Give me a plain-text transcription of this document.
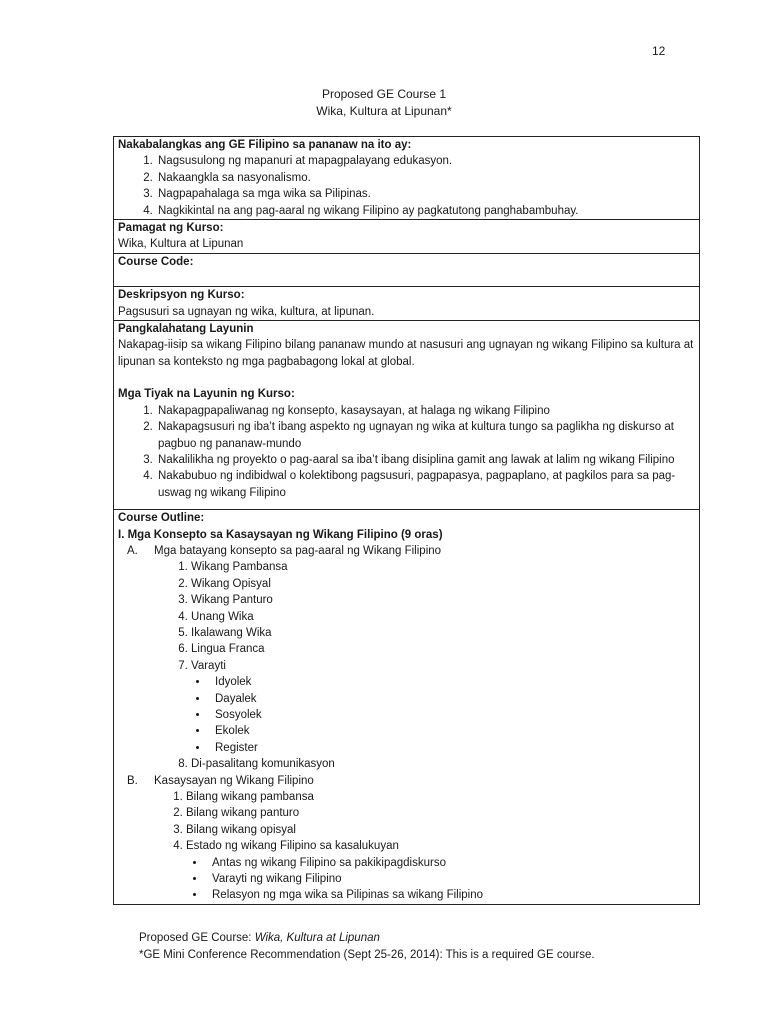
12
Proposed GE Course 1
Wika, Kultura at Lipunan*
Nakabalangkas ang GE Filipino sa pananaw na ito ay:
1. Nagsusulong ng mapanuri at mapagpalayang edukasyon.
2. Nakaangkla sa nasyonalismo.
3. Nagpapahalaga sa mga wika sa Pilipinas.
4. Nagkikintal na ang pag-aaral ng wikang Filipino ay pagkatutong panghabambuhay.

Pamagat ng Kurso:
Wika, Kultura at Lipunan

Course Code:

Deskripsyon ng Kurso:
Pagsusuri sa ugnayan ng wika, kultura, at lipunan.

Pangkalahatang Layunin
Nakapag-iisip sa wikang Filipino bilang pananaw mundo at nasusuri ang ugnayan ng wikang Filipino sa kultura at lipunan sa konteksto ng mga pagbabagong lokal at global.
Mga Tiyak na Layunin ng Kurso:
1. Nakapagpapaliwanag ng konsepto, kasaysayan, at halaga ng wikang Filipino
2. Nakapagsusuri ng iba’t ibang aspekto ng ugnayan ng wika at kultura tungo sa paglikha ng diskurso at pagbuo ng pananaw-mundo
3. Nakalilikha ng proyekto o pag-aaral sa iba’t ibang disiplina gamit ang lawak at lalim ng wikang Filipino
4. Nakabubuo ng indibidwal o kolektibong pagsusuri, pagpapasya, pagpaplano, at pagkilos para sa pag-uswag ng wikang Filipino

Course Outline:
I. Mga Konsepto sa Kasaysayan ng Wikang Filipino (9 oras)
A. Mga batayang konsepto sa pag-aaral ng Wikang Filipino
1. Wikang Pambansa
2. Wikang Opisyal
3. Wikang Panturo
4. Unang Wika
5. Ikalawang Wika
6. Lingua Franca
7. Varayti
• Idyolek
• Dayalek
• Sosyolek
• Ekolek
• Register
8. Di-pasalitang komunikasyon
B. Kasaysayan ng Wikang Filipino
1. Bilang wikang pambansa
2. Bilang wikang panturo
3. Bilang wikang opisyal
4. Estado ng wikang Filipino sa kasalukuyan
• Antas ng wikang Filipino sa pakikipagdiskurso
• Varayti ng wikang Filipino
• Relasyon ng mga wika sa Pilipinas sa wikang Filipino
Proposed GE Course: Wika, Kultura at Lipunan
*GE Mini Conference Recommendation (Sept 25-26, 2014): This is a required GE course.
